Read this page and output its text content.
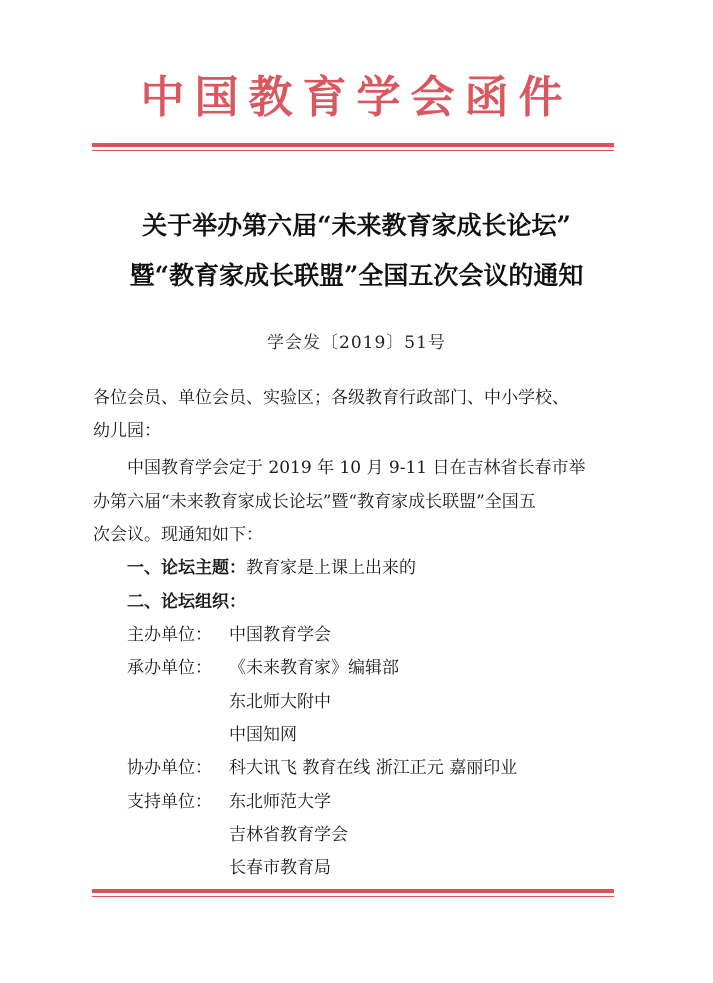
中国教育学会函件
关于举办第六届“未来教育家成长论坛”
暨“教育家成长联盟”全国五次会议的通知
学会发〔2019〕51号
各位会员、单位会员、实验区；各级教育行政部门、中小学校、
幼儿园：
中国教育学会定于 2019 年 10 月 9-11 日在吉林省长春市举
办第六届“未来教育家成长论坛”暨“教育家成长联盟”全国五
次会议。现通知如下：
一、论坛主题：教育家是上课上出来的
二、论坛组织：
主办单位： 中国教育学会
承办单位： 《未来教育家》编辑部
东北师大附中
中国知网
协办单位： 科大讯飞 教育在线 浙江正元 嘉丽印业
支持单位： 东北师范大学
吉林省教育学会
长春市教育局
